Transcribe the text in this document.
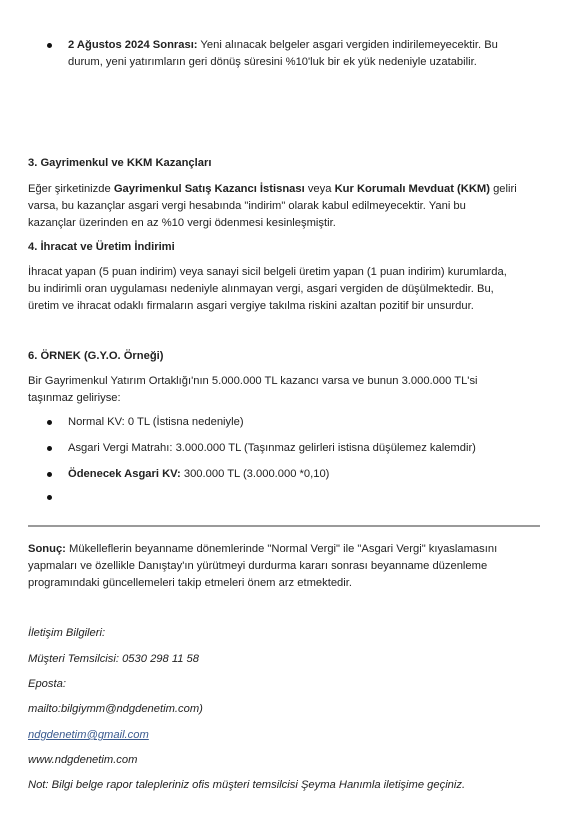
2 Ağustos 2024 Sonrası: Yeni alınacak belgeler asgari vergiden indirilemeyecektir. Bu

durum, yeni yatırımların geri dönüş süresini %10'luk bir ek yük nedeniyle uzatabilir.

3. Gayrimenkul ve KKM Kazançları

Eğer şirketinizde Gayrimenkul Satış Kazancı İstisnası veya Kur Korumalı Mevduat (KKM) geliri

varsa, bu kazançlar asgari vergi hesabında "indirim" olarak kabul edilmeyecektir. Yani bu

kazançlar üzerinden en az %10 vergi ödenmesi kesinleşmiştir.

4. İhracat ve Üretim İndirimi

İhracat yapan (5 puan indirim) veya sanayi sicil belgeli üretim yapan (1 puan indirim) kurumlarda,

bu indirimli oran uygulaması nedeniyle alınmayan vergi, asgari vergiden de düşülmektedir. Bu,

üretim ve ihracat odaklı firmaların asgari vergiye takılma riskini azaltan pozitif bir unsurdur.

6. ÖRNEK (G.Y.O. Örneği)

Bir Gayrimenkul Yatırım Ortaklığı'nın 5.000.000 TL kazancı varsa ve bunun 3.000.000 TL'si

taşınmaz geliriyse:

Normal KV: 0 TL (İstisna nedeniyle)

Asgari Vergi Matrahı: 3.000.000 TL (Taşınmaz gelirleri istisna düşülemez kalemdir)

Ödenecek Asgari KV: 300.000 TL (3.000.000 *0,10)

Sonuç: Mükelleflerin beyanname dönemlerinde "Normal Vergi" ile "Asgari Vergi" kıyaslamasını

yapmaları ve özellikle Danıştay'ın yürütmeyi durdurma kararı sonrası beyanname düzenleme

programındaki güncellemeleri takip etmeleri önem arz etmektedir.

İletişim Bilgileri:
Müşteri Temsilcisi: 0530 298 11 58
Eposta:
mailto:bilgiymm@ndgdenetim.com)
ndgdenetim@gmail.com
www.ndgdenetim.com
Not: Bilgi belge rapor talepleriniz ofis müşteri temsilcisi Şeyma Hanımla iletişime geçiniz.
